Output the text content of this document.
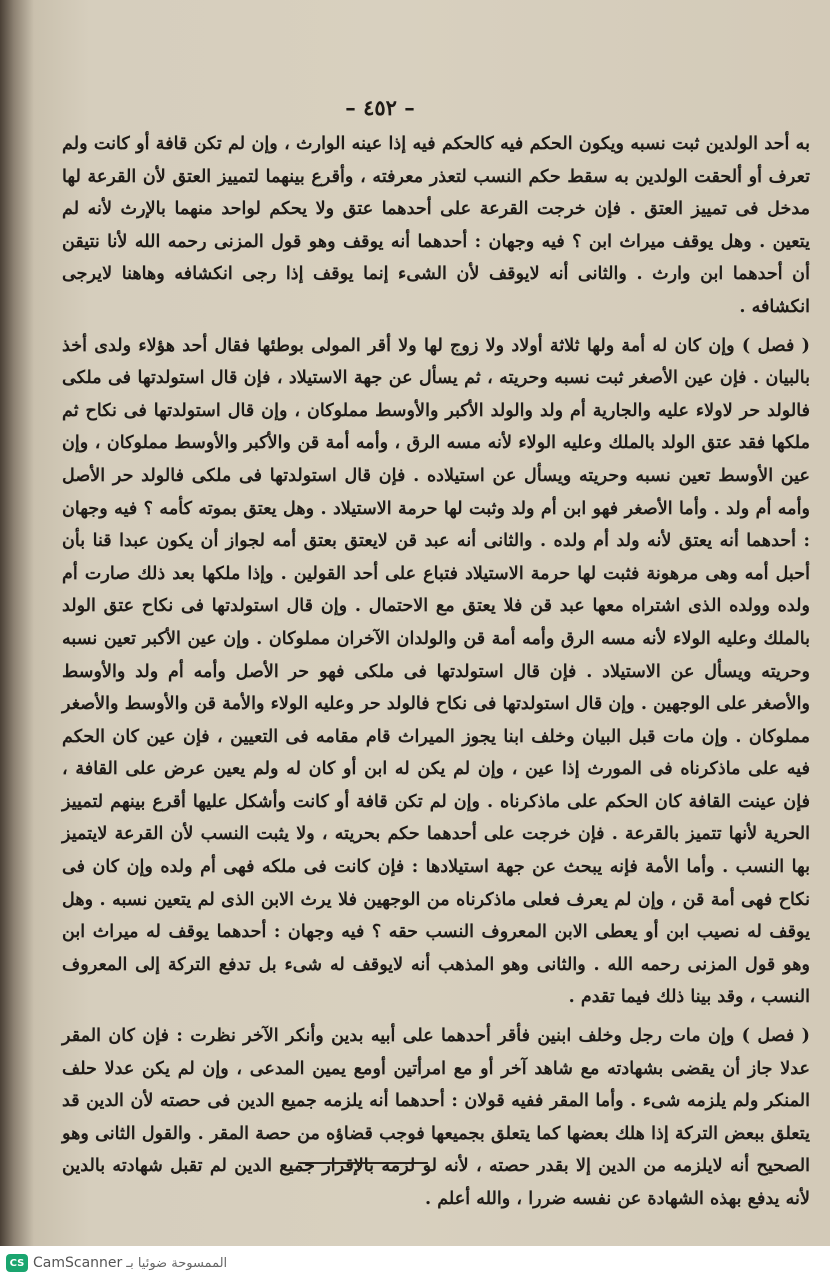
– ٤٥٢ –

به أحد الولدين ثبت نسبه ويكون الحكم فيه كالحكم فيه إذا عينه الوارث ، وإن لم تكن قافة أو كانت ولم تعرف أو ألحقت الولدين به سقط حكم النسب لتعذر معرفته ، وأقرع بينهما لتمييز العتق لأن القرعة لها مدخل فى تمييز العتق . فإن خرجت القرعة على أحدهما عتق ولا يحكم لواحد منهما بالإرث لأنه لم يتعين . وهل يوقف ميراث ابن ؟ فيه وجهان : أحدهما أنه يوقف وهو قول المزنى رحمه الله لأنا نتيقن أن أحدهما ابن وارث . والثانى أنه لايوقف لأن الشىء إنما يوقف إذا رجى انكشافه وهاهنا لايرجى انكشافه .

( فصل ) وإن كان له أمة ولها ثلاثة أولاد ولا زوج لها ولا أقر المولى بوطئها فقال أحد هؤلاء ولدى أخذ بالبيان . فإن عين الأصغر ثبت نسبه وحريته ، ثم يسأل عن جهة الاستيلاد ، فإن قال استولدتها فى ملكى فالولد حر لاولاء عليه والجارية أم ولد والولد الأكبر والأوسط مملوكان ، وإن قال استولدتها فى نكاح ثم ملكها فقد عتق الولد بالملك وعليه الولاء لأنه مسه الرق ، وأمه أمة قن والأكبر والأوسط مملوكان ، وإن عين الأوسط تعين نسبه وحريته ويسأل عن استيلاده . فإن قال استولدتها فى ملكى فالولد حر الأصل وأمه أم ولد . وأما الأصغر فهو ابن أم ولد وثبت لها حرمة الاستيلاد . وهل يعتق بموته كأمه ؟ فيه وجهان : أحدهما أنه يعتق لأنه ولد أم ولده . والثانى أنه عبد قن لايعتق بعتق أمه لجواز أن يكون عبدا قنا بأن أحبل أمه وهى مرهونة فثبت لها حرمة الاستيلاد فتباع على أحد القولين . وإذا ملكها بعد ذلك صارت أم ولده وولده الذى اشتراه معها عبد قن فلا يعتق مع الاحتمال . وإن قال استولدتها فى نكاح عتق الولد بالملك وعليه الولاء لأنه مسه الرق وأمه أمة قن والولدان الآخران مملوكان . وإن عين الأكبر تعين نسبه وحريته ويسأل عن الاستيلاد . فإن قال استولدتها فى ملكى فهو حر الأصل وأمه أم ولد والأوسط والأصغر على الوجهين . وإن قال استولدتها فى نكاح فالولد حر وعليه الولاء والأمة قن والأوسط والأصغر مملوكان . وإن مات قبل البيان وخلف ابنا يجوز الميراث قام مقامه فى التعيين ، فإن عين كان الحكم فيه على ماذكرناه فى المورث إذا عين ، وإن لم يكن له ابن أو كان له ولم يعين عرض على القافة ، فإن عينت القافة كان الحكم على ماذكرناه . وإن لم تكن قافة أو كانت وأشكل عليها أقرع بينهم لتمييز الحرية لأنها تتميز بالقرعة . فإن خرجت على أحدهما حكم بحريته ، ولا يثبت النسب لأن القرعة لايتميز بها النسب . وأما الأمة فإنه يبحث عن جهة استيلادها : فإن كانت فى ملكه فهى أم ولده وإن كان فى نكاح فهى أمة قن ، وإن لم يعرف فعلى ماذكرناه من الوجهين فلا يرث الابن الذى لم يتعين نسبه . وهل يوقف له نصيب ابن أو يعطى الابن المعروف النسب حقه ؟ فيه وجهان : أحدهما يوقف له ميراث ابن وهو قول المزنى رحمه الله . والثانى وهو المذهب أنه لايوقف له شىء بل تدفع التركة إلى المعروف النسب ، وقد بينا ذلك فيما تقدم .

( فصل ) وإن مات رجل وخلف ابنين فأقر أحدهما على أبيه بدين وأنكر الآخر نظرت : فإن كان المقر عدلا جاز أن يقضى بشهادته مع شاهد آخر أو مع امرأتين أومع يمين المدعى ، وإن لم يكن عدلا حلف المنكر ولم يلزمه شىء . وأما المقر ففيه قولان : أحدهما أنه يلزمه جميع الدين فى حصته لأن الدين قد يتعلق ببعض التركة إذا هلك بعضها كما يتعلق بجميعها فوجب قضاؤه من حصة المقر . والقول الثانى وهو الصحيح أنه لايلزمه من الدين إلا بقدر حصته ، لأنه لو لزمه بالإقرار جميع الدين لم تقبل شهادته بالدين لأنه يدفع بهذه الشهادة عن نفسه ضررا ، والله أعلم .

CS CamScanner الممسوحة ضوئيا بـ
